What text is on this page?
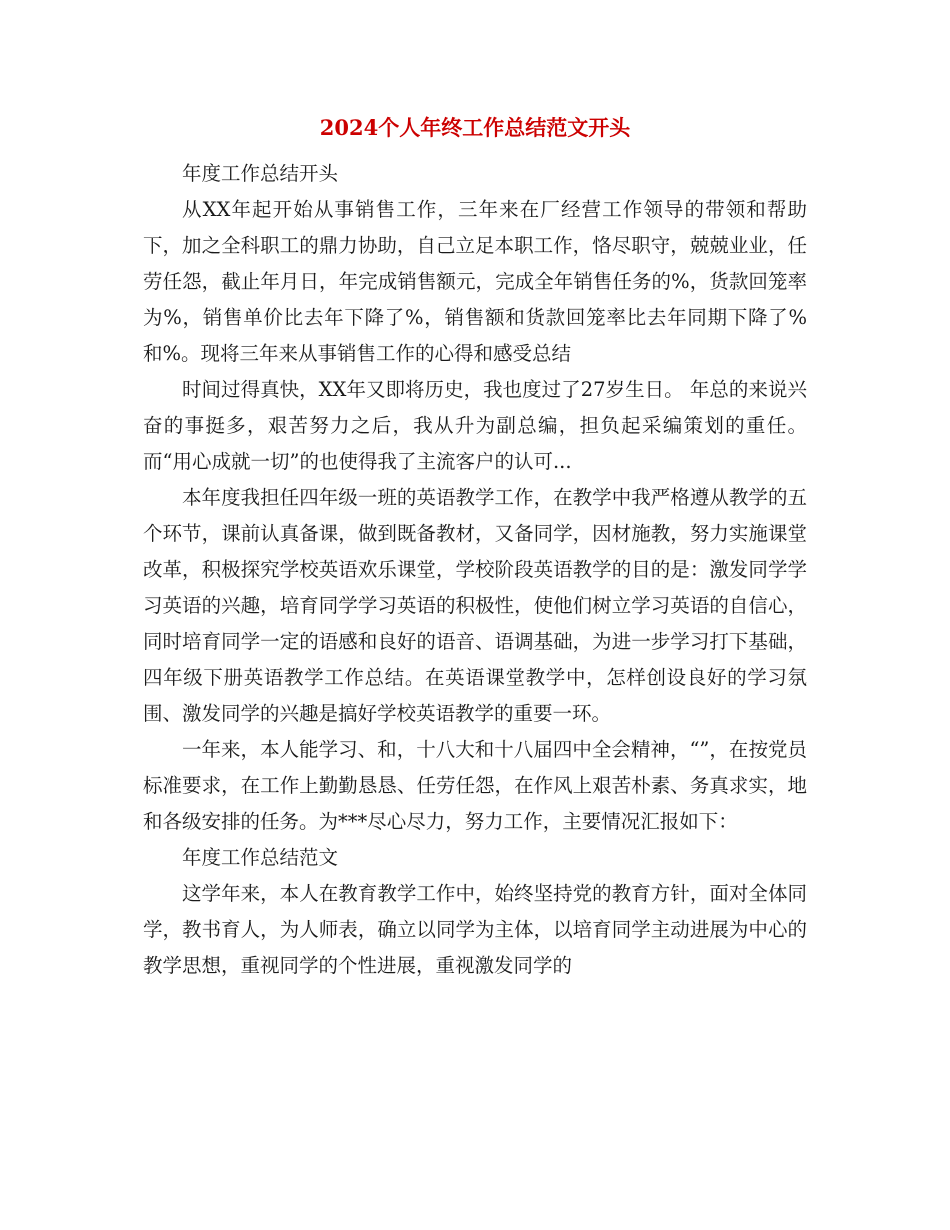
2024个人年终工作总结范文开头

年度工作总结开头

从XX年起开始从事销售工作，三年来在厂经营工作领导的带领和帮助下，加之全科职工的鼎力协助，自己立足本职工作，恪尽职守，兢兢业业，任劳任怨，截止年月日，年完成销售额元，完成全年销售任务的%，货款回笼率为%，销售单价比去年下降了%，销售额和货款回笼率比去年同期下降了%和%。现将三年来从事销售工作的心得和感受总结

时间过得真快，XX年又即将历史，我也度过了27岁生日。 年总的来说兴奋的事挺多，艰苦努力之后，我从升为副总编，担负起采编策划的重任。而“用心成就一切”的也使得我了主流客户的认可...

本年度我担任四年级一班的英语教学工作，在教学中我严格遵从教学的五个环节，课前认真备课，做到既备教材，又备同学，因材施教，努力实施课堂改革，积极探究学校英语欢乐课堂，学校阶段英语教学的目的是：激发同学学习英语的兴趣，培育同学学习英语的积极性，使他们树立学习英语的自信心，同时培育同学一定的语感和良好的语音、语调基础，为进一步学习打下基础，四年级下册英语教学工作总结。在英语课堂教学中，怎样创设良好的学习氛围、激发同学的兴趣是搞好学校英语教学的重要一环。

一年来，本人能学习、和，十八大和十八届四中全会精神，“”，在按党员标准要求，在工作上勤勤恳恳、任劳任怨，在作风上艰苦朴素、务真求实，地和各级安排的任务。为***尽心尽力，努力工作，主要情况汇报如下：

年度工作总结范文

这学年来，本人在教育教学工作中，始终坚持党的教育方针，面对全体同学，教书育人，为人师表，确立以同学为主体，以培育同学主动进展为中心的教学思想，重视同学的个性进展，重视激发同学的
